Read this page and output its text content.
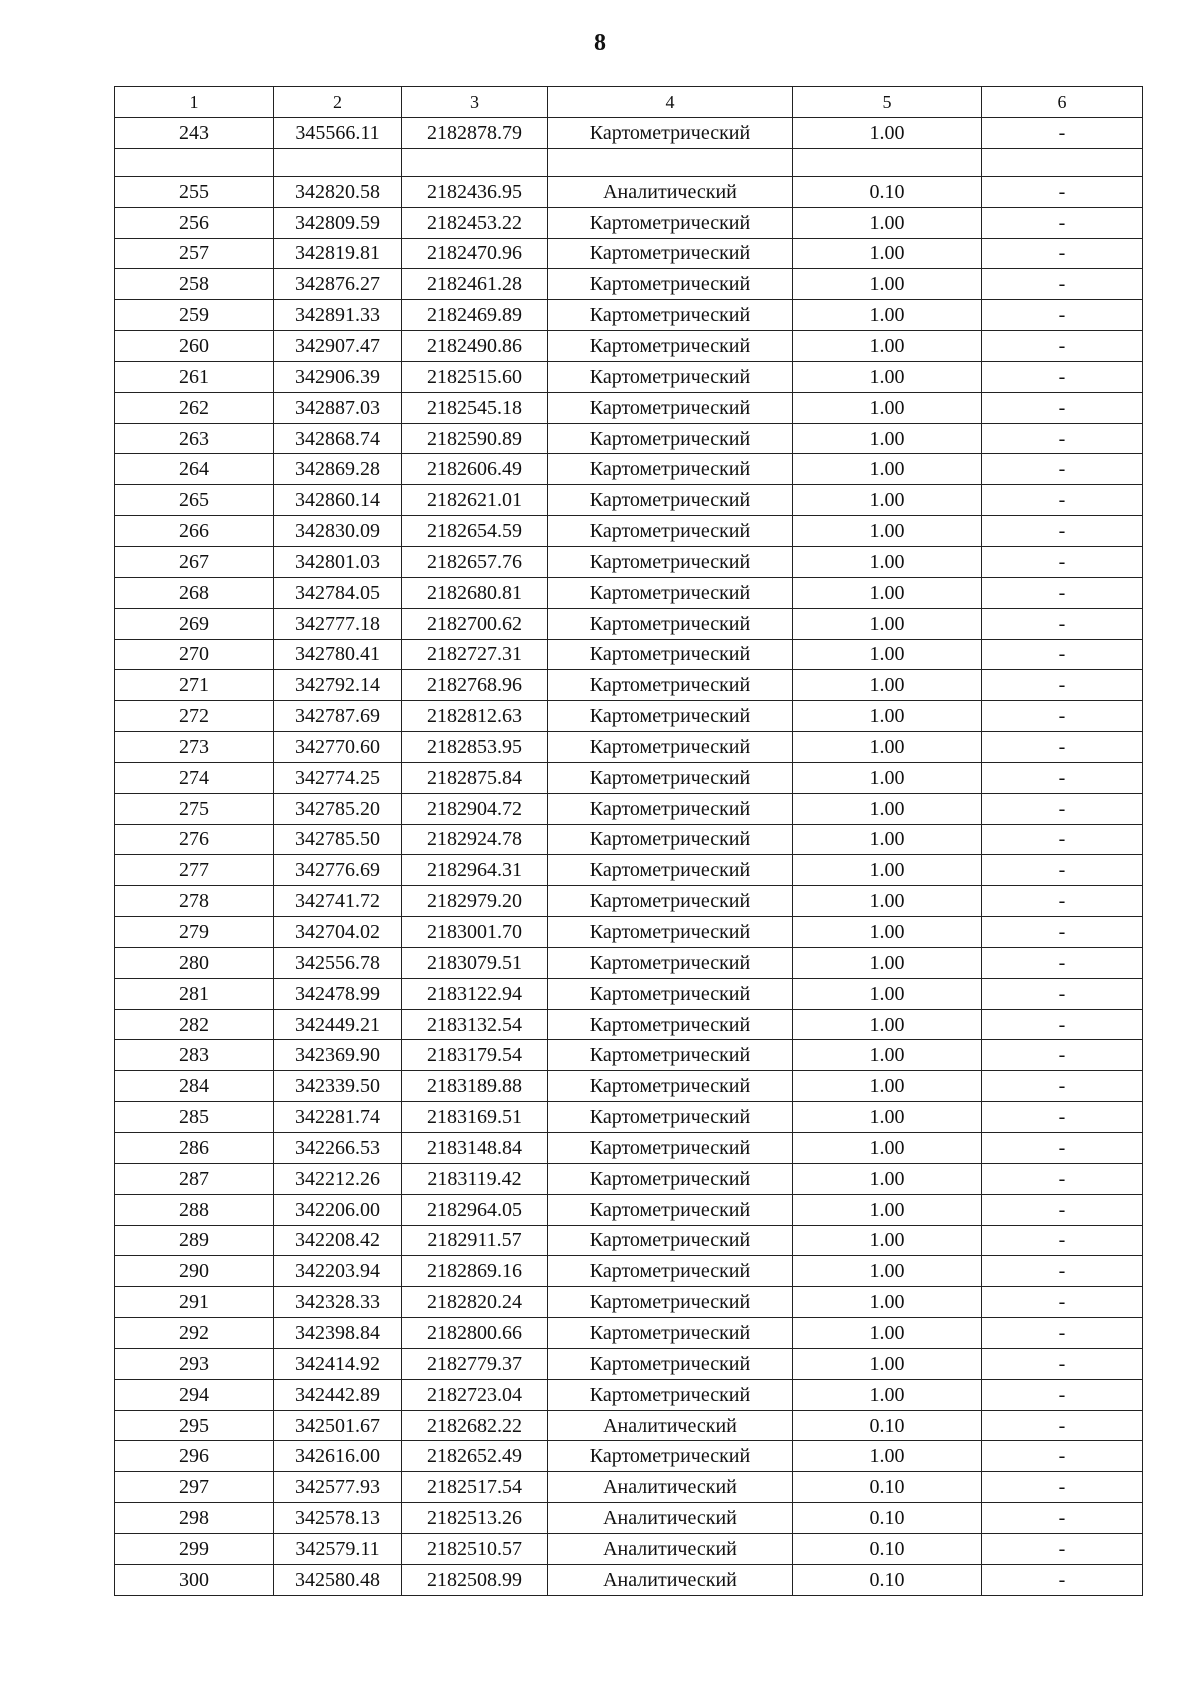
8
1	2	3	4	5	6
243	345566.11	2182878.79	Картометрический	1.00	-

255	342820.58	2182436.95	Аналитический	0.10	-
256	342809.59	2182453.22	Картометрический	1.00	-
257	342819.81	2182470.96	Картометрический	1.00	-
258	342876.27	2182461.28	Картометрический	1.00	-
259	342891.33	2182469.89	Картометрический	1.00	-
260	342907.47	2182490.86	Картометрический	1.00	-
261	342906.39	2182515.60	Картометрический	1.00	-
262	342887.03	2182545.18	Картометрический	1.00	-
263	342868.74	2182590.89	Картометрический	1.00	-
264	342869.28	2182606.49	Картометрический	1.00	-
265	342860.14	2182621.01	Картометрический	1.00	-
266	342830.09	2182654.59	Картометрический	1.00	-
267	342801.03	2182657.76	Картометрический	1.00	-
268	342784.05	2182680.81	Картометрический	1.00	-
269	342777.18	2182700.62	Картометрический	1.00	-
270	342780.41	2182727.31	Картометрический	1.00	-
271	342792.14	2182768.96	Картометрический	1.00	-
272	342787.69	2182812.63	Картометрический	1.00	-
273	342770.60	2182853.95	Картометрический	1.00	-
274	342774.25	2182875.84	Картометрический	1.00	-
275	342785.20	2182904.72	Картометрический	1.00	-
276	342785.50	2182924.78	Картометрический	1.00	-
277	342776.69	2182964.31	Картометрический	1.00	-
278	342741.72	2182979.20	Картометрический	1.00	-
279	342704.02	2183001.70	Картометрический	1.00	-
280	342556.78	2183079.51	Картометрический	1.00	-
281	342478.99	2183122.94	Картометрический	1.00	-
282	342449.21	2183132.54	Картометрический	1.00	-
283	342369.90	2183179.54	Картометрический	1.00	-
284	342339.50	2183189.88	Картометрический	1.00	-
285	342281.74	2183169.51	Картометрический	1.00	-
286	342266.53	2183148.84	Картометрический	1.00	-
287	342212.26	2183119.42	Картометрический	1.00	-
288	342206.00	2182964.05	Картометрический	1.00	-
289	342208.42	2182911.57	Картометрический	1.00	-
290	342203.94	2182869.16	Картометрический	1.00	-
291	342328.33	2182820.24	Картометрический	1.00	-
292	342398.84	2182800.66	Картометрический	1.00	-
293	342414.92	2182779.37	Картометрический	1.00	-
294	342442.89	2182723.04	Картометрический	1.00	-
295	342501.67	2182682.22	Аналитический	0.10	-
296	342616.00	2182652.49	Картометрический	1.00	-
297	342577.93	2182517.54	Аналитический	0.10	-
298	342578.13	2182513.26	Аналитический	0.10	-
299	342579.11	2182510.57	Аналитический	0.10	-
300	342580.48	2182508.99	Аналитический	0.10	-
